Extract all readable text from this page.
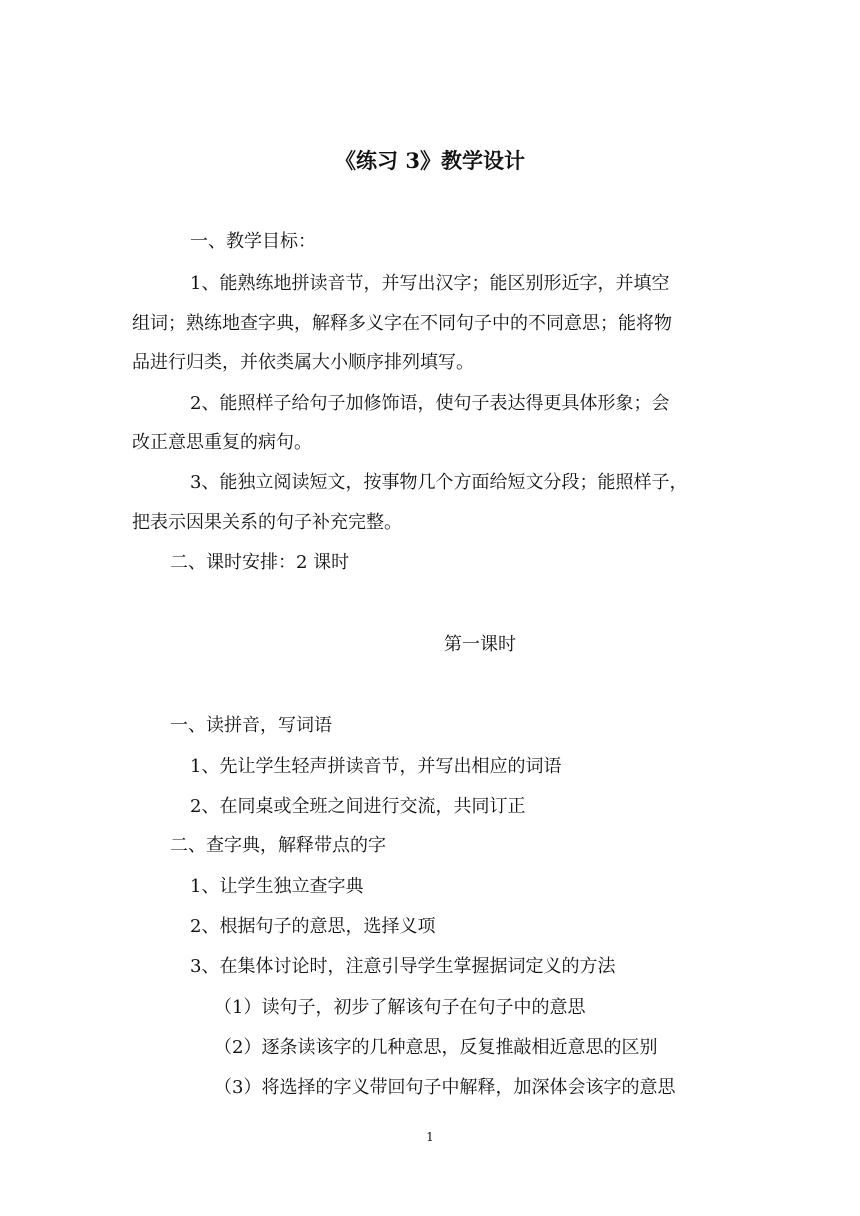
《练习 3》教学设计
一、教学目标：
1、能熟练地拼读音节，并写出汉字；能区别形近字，并填空
组词；熟练地查字典，解释多义字在不同句子中的不同意思；能将物
品进行归类，并依类属大小顺序排列填写。
2、能照样子给句子加修饰语，使句子表达得更具体形象；会
改正意思重复的病句。
3、能独立阅读短文，按事物几个方面给短文分段；能照样子，
把表示因果关系的句子补充完整。
二、课时安排：2 课时
第一课时
一、读拼音，写词语
1、先让学生轻声拼读音节，并写出相应的词语
2、在同桌或全班之间进行交流，共同订正
二、查字典，解释带点的字
1、让学生独立查字典
2、根据句子的意思，选择义项
3、在集体讨论时，注意引导学生掌握据词定义的方法
（1）读句子，初步了解该句子在句子中的意思
（2）逐条读该字的几种意思，反复推敲相近意思的区别
（3）将选择的字义带回句子中解释，加深体会该字的意思
1
